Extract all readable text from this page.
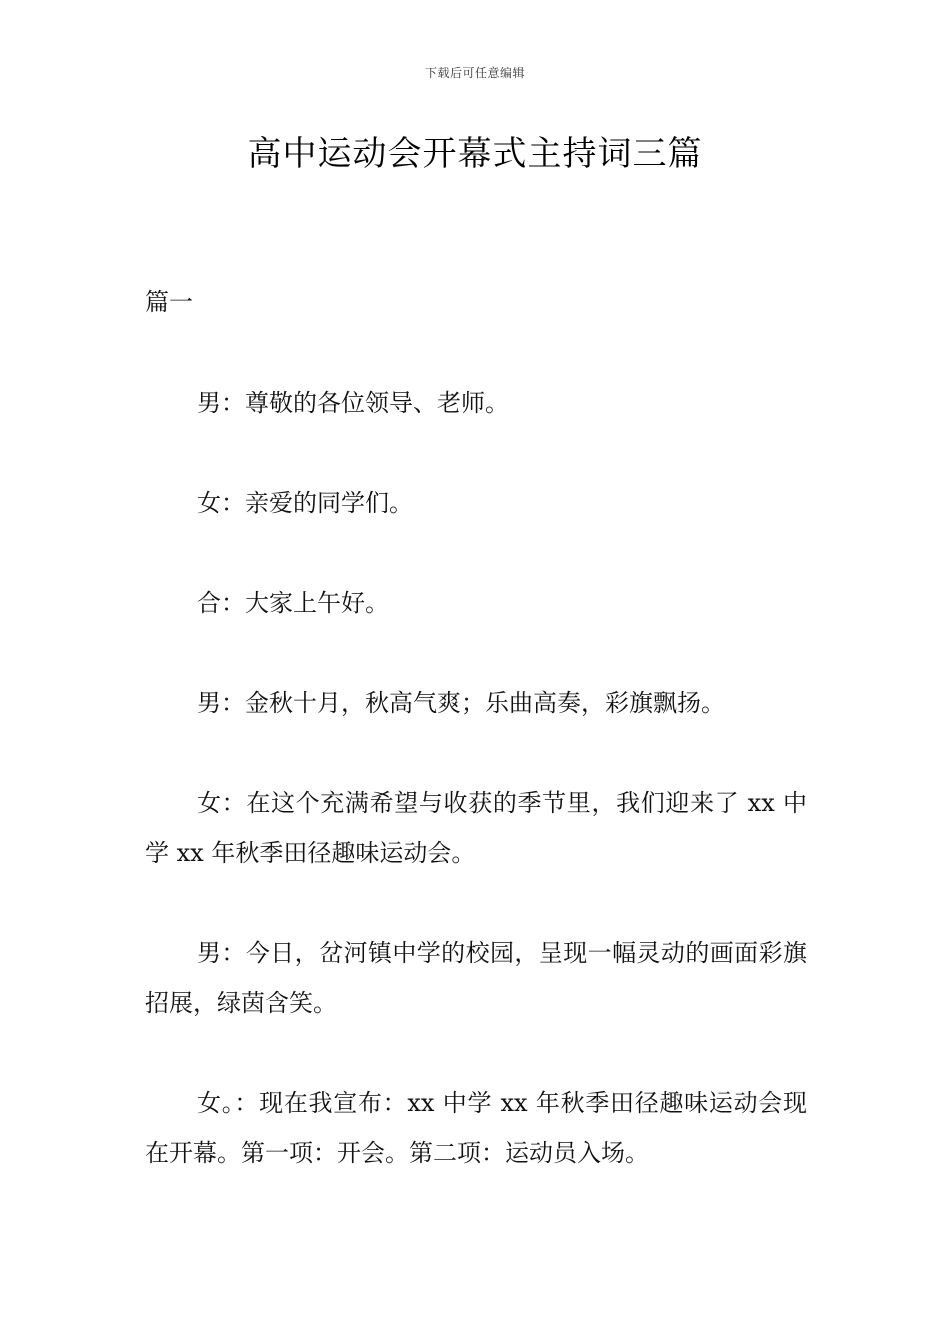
下载后可任意编辑
高中运动会开幕式主持词三篇
篇一

男：尊敬的各位领导、老师。

女：亲爱的同学们。

合：大家上午好。

男：金秋十月，秋高气爽；乐曲高奏，彩旗飘扬。

女：在这个充满希望与收获的季节里，我们迎来了 xx 中学 xx 年秋季田径趣味运动会。

男：今日，岔河镇中学的校园，呈现一幅灵动的画面彩旗招展，绿茵含笑。

女。：现在我宣布：xx 中学 xx 年秋季田径趣味运动会现在开幕。第一项：开会。第二项：运动员入场。
